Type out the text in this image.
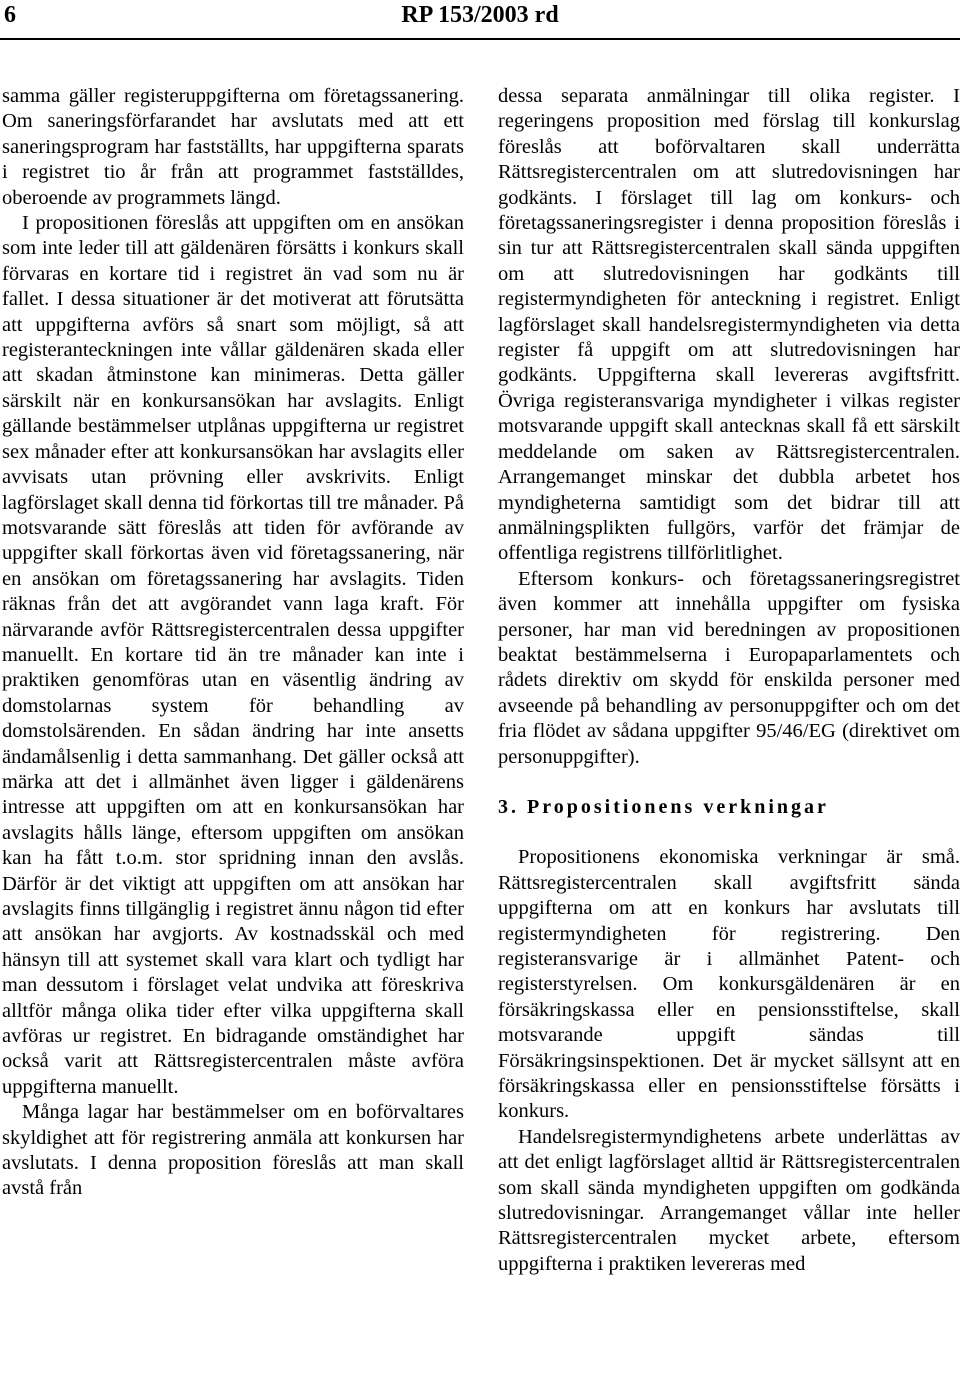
6	RP 153/2003 rd

samma gäller registeruppgifterna om företagssanering. Om saneringsförfarandet har avslutats med att ett saneringsprogram har fastställts, har uppgifterna sparats i registret tio år från att programmet fastställdes, oberoende av programmets längd.

I propositionen föreslås att uppgiften om en ansökan som inte leder till att gäldenären försätts i konkurs skall förvaras en kortare tid i registret än vad som nu är fallet. I dessa situationer är det motiverat att förutsätta att uppgifterna avförs så snart som möjligt, så att registeranteckningen inte vållar gäldenären skada eller att skadan åtminstone kan minimeras. Detta gäller särskilt när en konkursansökan har avslagits. Enligt gällande bestämmelser utplånas uppgifterna ur registret sex månader efter att konkursansökan har avslagits eller avvisats utan prövning eller avskrivits. Enligt lagförslaget skall denna tid förkortas till tre månader. På motsvarande sätt föreslås att tiden för avförande av uppgifter skall förkortas även vid företagssanering, när en ansökan om företagssanering har avslagits. Tiden räknas från det att avgörandet vann laga kraft. För närvarande avför Rättsregistercentralen dessa uppgifter manuellt. En kortare tid än tre månader kan inte i praktiken genomföras utan en väsentlig ändring av domstolarnas system för behandling av domstolsärenden. En sådan ändring har inte ansetts ändamålsenlig i detta sammanhang. Det gäller också att märka att det i allmänhet även ligger i gäldenärens intresse att uppgiften om att en konkursansökan har avslagits hålls länge, eftersom uppgiften om ansökan kan ha fått t.o.m. stor spridning innan den avslås. Därför är det viktigt att uppgiften om att ansökan har avslagits finns tillgänglig i registret ännu någon tid efter att ansökan har avgjorts. Av kostnadsskäl och med hänsyn till att systemet skall vara klart och tydligt har man dessutom i förslaget velat undvika att föreskriva alltför många olika tider efter vilka uppgifterna skall avföras ur registret. En bidragande omständighet har också varit att Rättsregistercentralen måste avföra uppgifterna manuellt.

Många lagar har bestämmelser om en boförvaltares skyldighet att för registrering anmäla att konkursen har avslutats. I denna proposition föreslås att man skall avstå från

dessa separata anmälningar till olika register. I regeringens proposition med förslag till konkurslag föreslås att boförvaltaren skall underrätta Rättsregistercentralen om att slutredovisningen har godkänts. I förslaget till lag om konkurs- och företagssaneringsregister i denna proposition föreslås i sin tur att Rättsregistercentralen skall sända uppgiften om att slutredovisningen har godkänts till registermyndigheten för anteckning i registret. Enligt lagförslaget skall handelsregistermyndigheten via detta register få uppgift om att slutredovisningen har godkänts. Uppgifterna skall levereras avgiftsfritt. Övriga registeransvariga myndigheter i vilkas register motsvarande uppgift skall antecknas skall få ett särskilt meddelande om saken av Rättsregistercentralen. Arrangemanget minskar det dubbla arbetet hos myndigheterna samtidigt som det bidrar till att anmälningsplikten fullgörs, varför det främjar de offentliga registrens tillförlitlighet.

Eftersom konkurs- och företagssaneringsregistret även kommer att innehålla uppgifter om fysiska personer, har man vid beredningen av propositionen beaktat bestämmelserna i Europaparlamentets och rådets direktiv om skydd för enskilda personer med avseende på behandling av personuppgifter och om det fria flödet av sådana uppgifter 95/46/EG (direktivet om personuppgifter).

3. Propositionens verkningar

Propositionens ekonomiska verkningar är små. Rättsregistercentralen skall avgiftsfritt sända uppgifterna om att en konkurs har avslutats till registermyndigheten för registrering. Den registeransvarige är i allmänhet Patent- och registerstyrelsen. Om konkursgäldenären är en försäkringskassa eller en pensionsstiftelse, skall motsvarande uppgift sändas till Försäkringsinspektionen. Det är mycket sällsynt att en försäkringskassa eller en pensionsstiftelse försätts i konkurs.

Handelsregistermyndighetens arbete underlättas av att det enligt lagförslaget alltid är Rättsregistercentralen som skall sända myndigheten uppgiften om godkända slutredovisningar. Arrangemanget vållar inte heller Rättsregistercentralen mycket arbete, eftersom uppgifterna i praktiken levereras med
